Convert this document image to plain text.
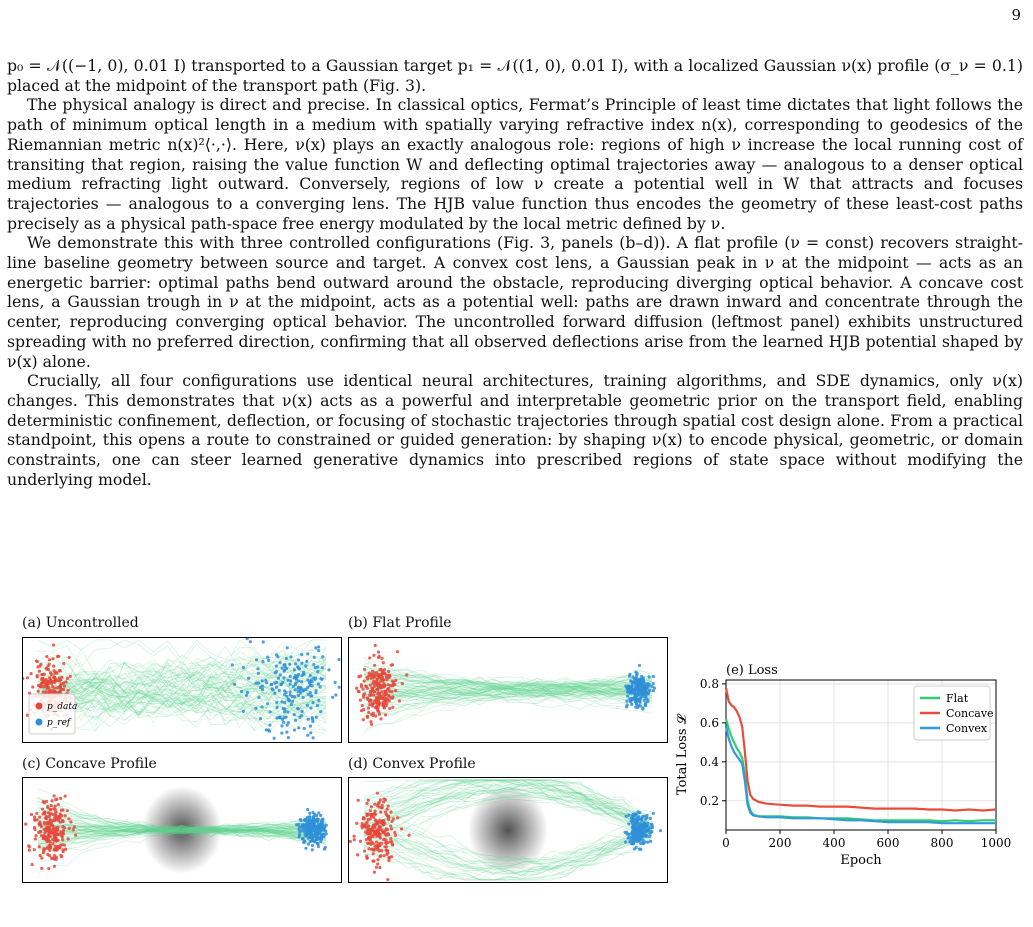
9

p₀ = 𝒩((−1, 0), 0.01 I) transported to a Gaussian target p₁ = 𝒩((1, 0), 0.01 I), with a localized Gaussian ν(x) profile (σ_ν = 0.1) placed at the midpoint of the transport path (Fig. 3).

The physical analogy is direct and precise. In classical optics, Fermat’s Principle of least time dictates that light follows the path of minimum optical length in a medium with spatially varying refractive index n(x), corresponding to geodesics of the Riemannian metric n(x)²⟨·,·⟩. Here, ν(x) plays an exactly analogous role: regions of high ν increase the local running cost of transiting that region, raising the value function W and deflecting optimal trajectories away — analogous to a denser optical medium refracting light outward. Conversely, regions of low ν create a potential well in W that attracts and focuses trajectories — analogous to a converging lens. The HJB value function thus encodes the geometry of these least-cost paths precisely as a physical path-space free energy modulated by the local metric defined by ν.

We demonstrate this with three controlled configurations (Fig. 3, panels (b–d)). A flat profile (ν = const) recovers straight-line baseline geometry between source and target. A convex cost lens, a Gaussian peak in ν at the midpoint — acts as an energetic barrier: optimal paths bend outward around the obstacle, reproducing diverging optical behavior. A concave cost lens, a Gaussian trough in ν at the midpoint, acts as a potential well: paths are drawn inward and concentrate through the center, reproducing converging optical behavior. The uncontrolled forward diffusion (leftmost panel) exhibits unstructured spreading with no preferred direction, confirming that all observed deflections arise from the learned HJB potential shaped by ν(x) alone.

Crucially, all four configurations use identical neural architectures, training algorithms, and SDE dynamics, only ν(x) changes. This demonstrates that ν(x) acts as a powerful and interpretable geometric prior on the transport field, enabling deterministic confinement, deflection, or focusing of stochastic trajectories through spatial cost design alone. From a practical standpoint, this opens a route to constrained or guided generation: by shaping ν(x) to encode physical, geometric, or domain constraints, one can steer learned generative dynamics into prescribed regions of state space without modifying the underlying model.

(a) Uncontrolled	(b) Flat Profile
(c) Concave Profile	(d) Convex Profile
p_data
p_ref
(e) Loss
0	200	400	600	800 1000
0.2
0.4
0.6
0.8
Epoch
Total Loss 𝓛
Flat
Concave
Convex
